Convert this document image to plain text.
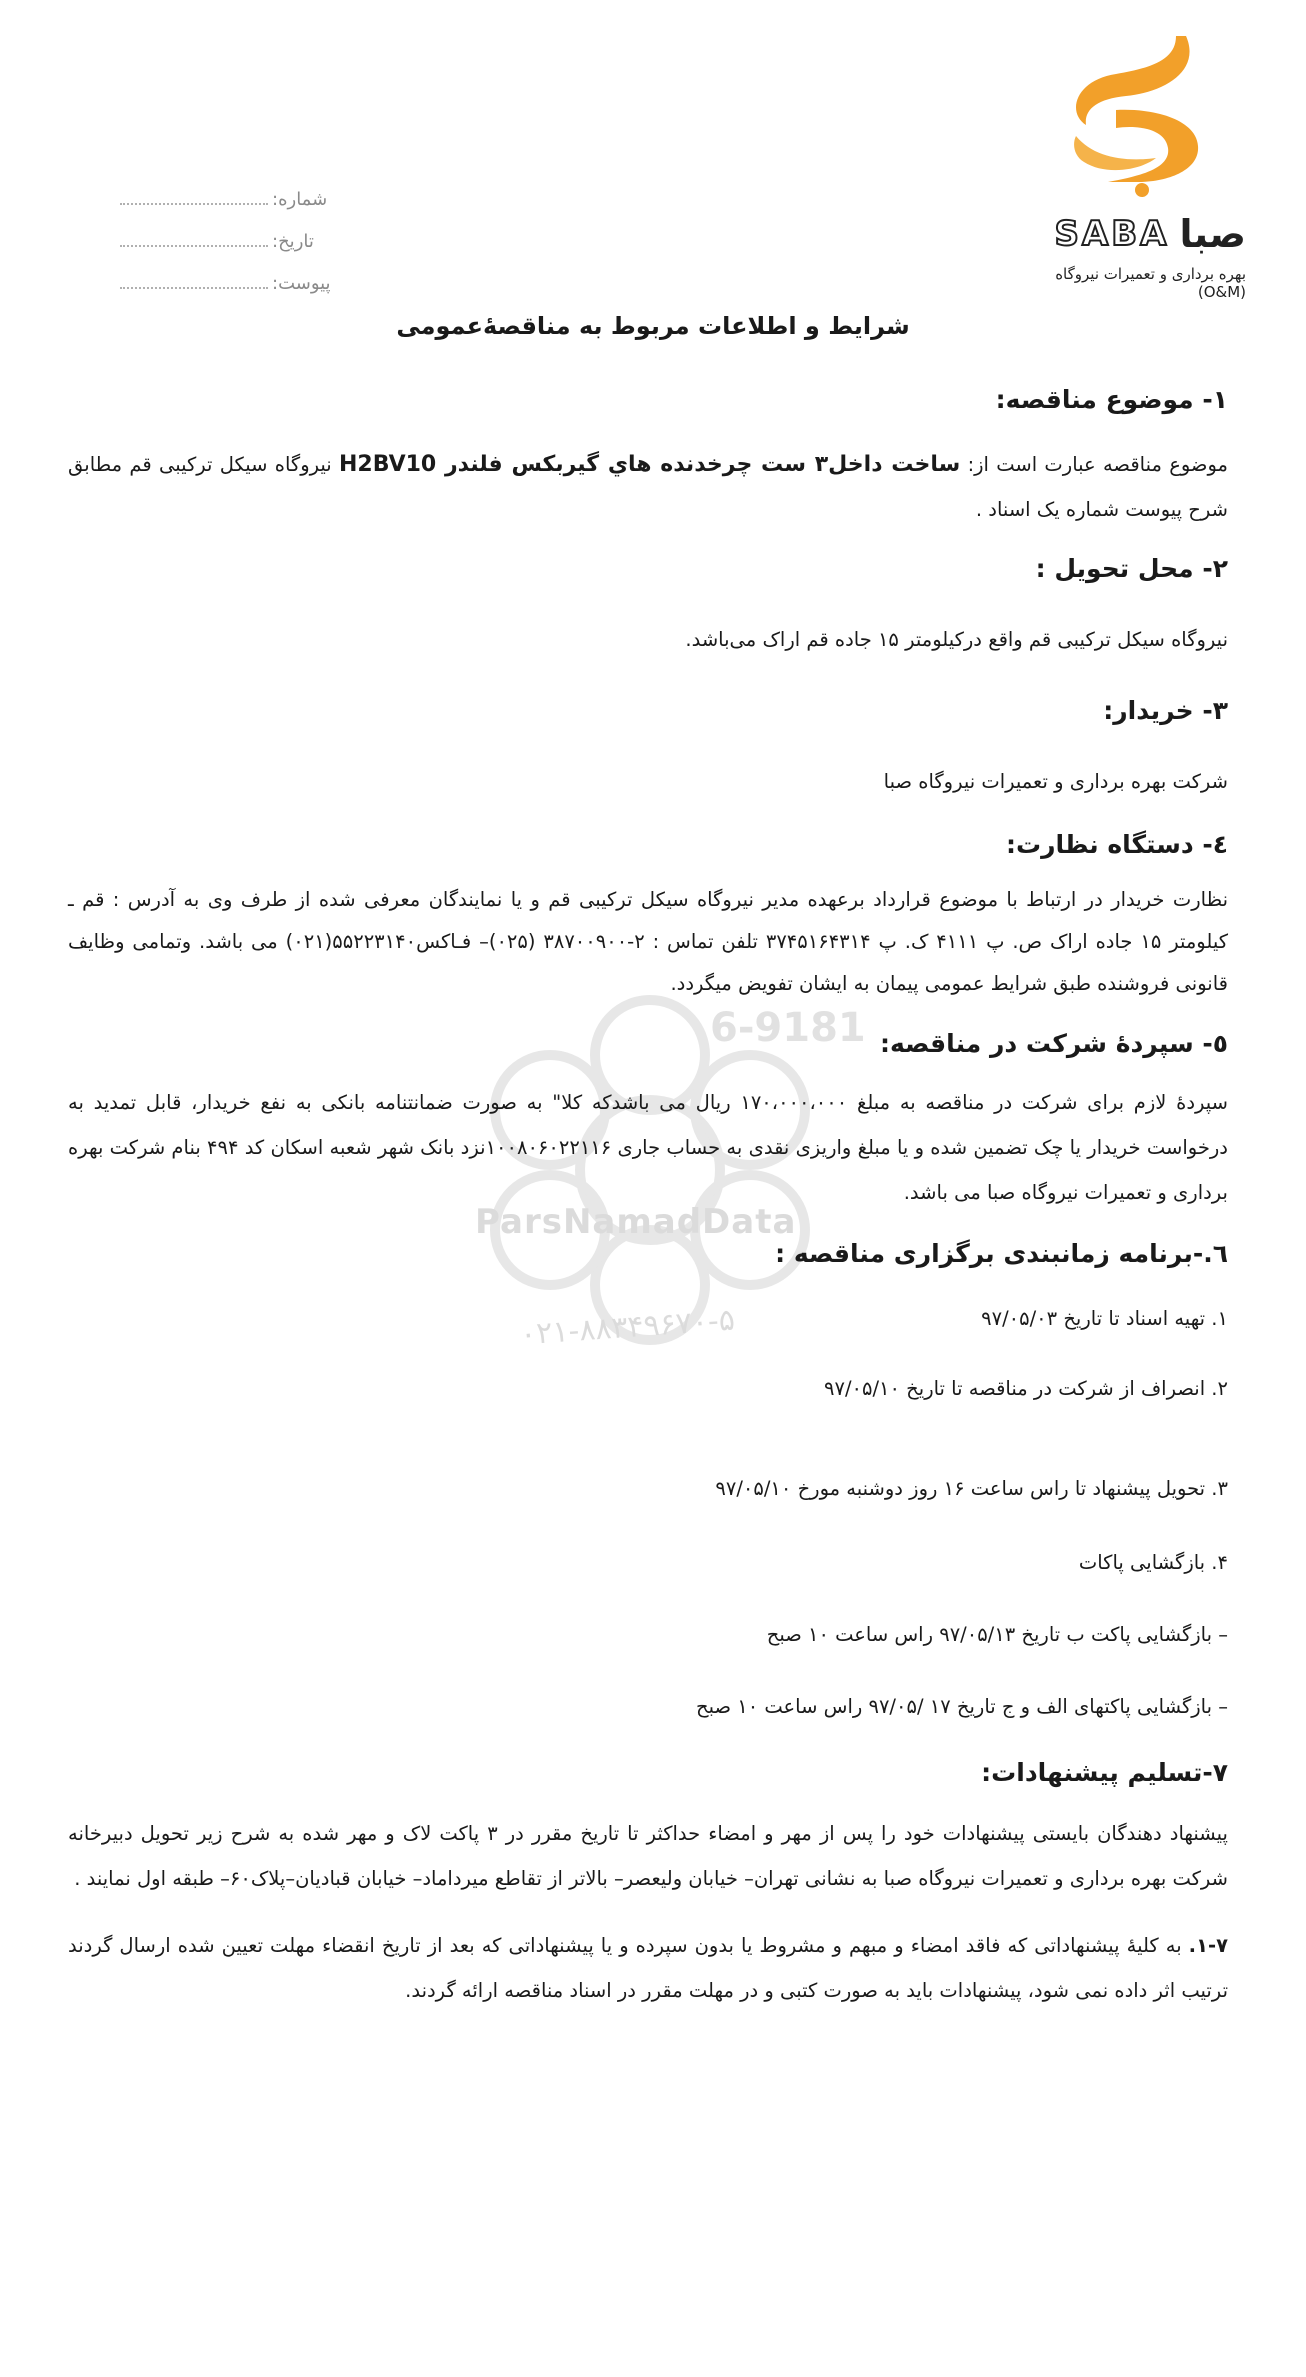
صبا
SABA
بهره برداری و تعمیرات نیروگاه (O&M)
شماره:
تاریخ:
پیوست:
شرایط و اطلاعات مربوط به مناقصهٔ‌عمومی
6-9181
ParsNamadData
۰۲۱-۸۸۳۴۹۶۷۰-۵
۱- موضوع مناقصه:

موضوع مناقصه عبارت است از: ساخت داخل۳ ست چرخدنده هاي گيربكس فلندر H2BV10 نیروگاه سیکل ترکیبی قم مطابق شرح پیوست شماره یک اسناد .

۲- محل تحویل :

نیروگاه سیکل ترکیبی قم واقع درکیلومتر ۱۵ جاده قم اراک می‌باشد.

۳- خریدار:

شرکت بهره برداری و تعمیرات نیروگاه صبا

٤- دستگاه نظارت:

نظارت خریدار در ارتباط با موضوع قرارداد برعهده مدیر نیروگاه سیکل ترکیبی قم و یا نمایندگان معرفی شده از طرف وی به آدرس : قم ـ کیلومتر ۱۵ جاده اراک ص. پ ۴۱۱۱ ک. پ ۳۷۴۵۱۶۴۳۱۴ تلفن تماس : ۲-۳۸۷۰۰۹۰۰ (۰۲۵)– فـاکس۵۵۲۲۳۱۴۰(۰۲۱) می باشد. وتمامی وظایف قانونی فروشنده طبق شرایط عمومی پیمان به ایشان تفویض میگردد.

٥- سپردهٔ شرکت در مناقصه:

سپردهٔ لازم برای شرکت در مناقصه به مبلغ ۱۷۰،۰۰۰،۰۰۰ ریال می باشدکه کلا" به صورت ضمانتنامه بانکی به نفع خریدار، قابل تمدید به درخواست خریدار یا چک تضمین شده و یا مبلغ واریزی نقدی به حساب جاری ۱۰۰۸۰۶۰۲۲۱۱۶نزد بانک شهر شعبه اسکان کد ۴۹۴ بنام شرکت بهره برداری و تعمیرات نیروگاه صبا می باشد.

٦.-برنامه زمانبندی برگزاری مناقصه :
۱. تهیه اسناد تا تاریخ ۹۷/۰۵/۰۳
۲. انصراف از شرکت در مناقصه تا تاریخ ۹۷/۰۵/۱۰
۳. تحویل پیشنهاد تا راس ساعت ۱۶ روز دوشنبه مورخ ۹۷/۰۵/۱۰
۴. بازگشایی پاکات
– بازگشایی پاکت ب تاریخ ۹۷/۰۵/۱۳ راس ساعت ۱۰ صبح
– بازگشایی پاکتهای الف و ج تاریخ ۱۷ /۹۷/۰۵ راس ساعت ۱۰ صبح
۷-تسلیم پیشنهادات:

پیشنهاد دهندگان بایستی پیشنهادات خود را پس از مهر و امضاء حداکثر تا تاریخ مقرر در ۳ پاکت لاک و مهر شده به شرح زیر تحویل دبیرخانه شرکت بهره برداری و تعمیرات نیروگاه صبا به نشانی تهران– خیابان ولیعصر– بالاتر از تقاطع میرداماد– خیابان قبادیان–پلاک۶۰– طبقه اول نمایند .

۱-۷. به کلیهٔ پیشنهاداتی که فاقد امضاء و مبهم و مشروط یا بدون سپرده و یا پیشنهاداتی که بعد از تاریخ انقضاء مهلت تعیین شده ارسال گردند ترتیب اثر داده نمی شود، پیشنهادات باید به صورت کتبی و در مهلت مقرر در اسناد مناقصه ارائه گردند.
